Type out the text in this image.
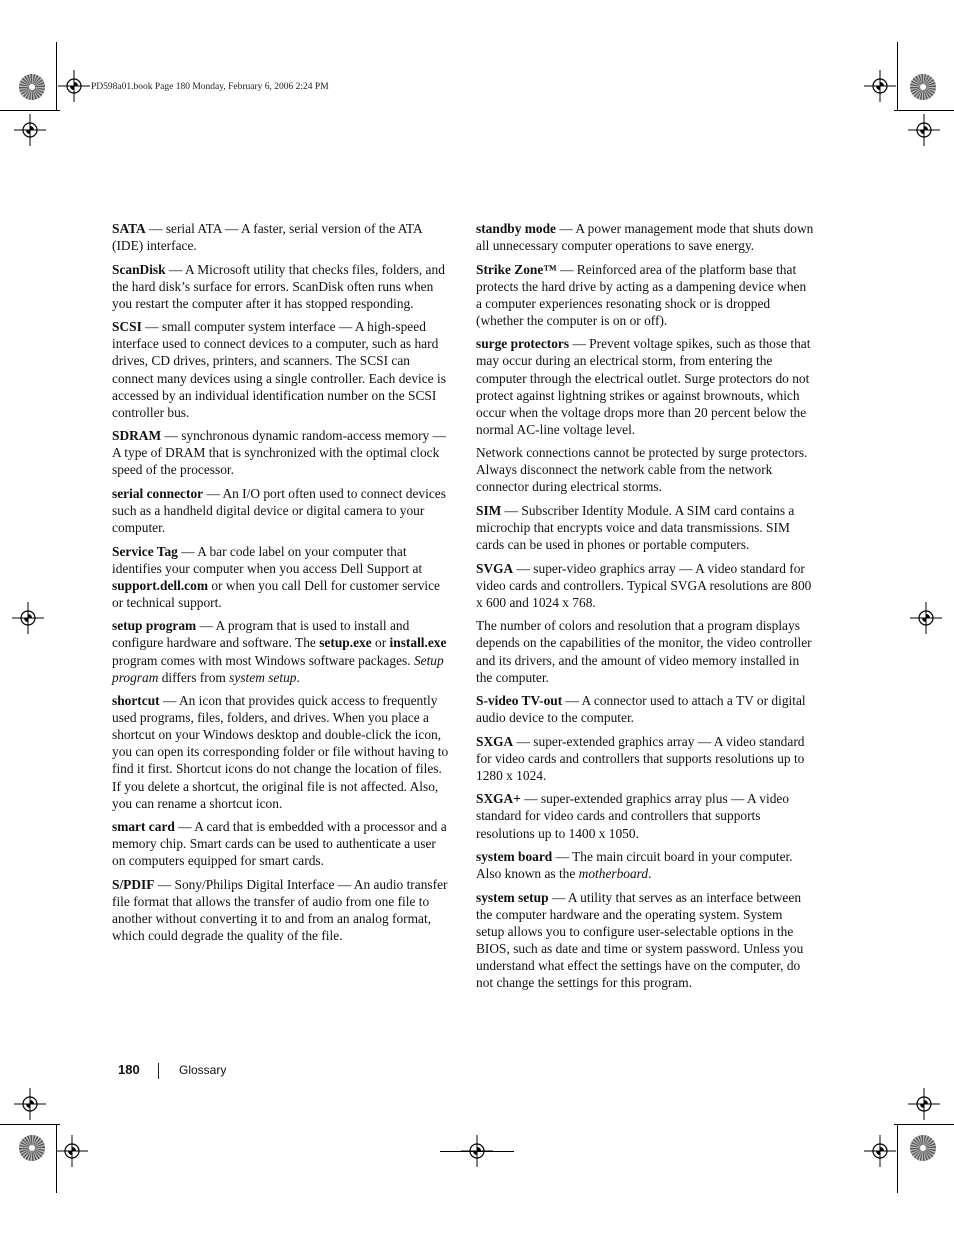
PD598a01.book Page 180 Monday, February 6, 2006 2:24 PM

SATA — serial ATA — A faster, serial version of the ATA (IDE) interface.

ScanDisk — A Microsoft utility that checks files, folders, and the hard disk’s surface for errors. ScanDisk often runs when you restart the computer after it has stopped responding.

SCSI — small computer system interface — A high-speed interface used to connect devices to a computer, such as hard drives, CD drives, printers, and scanners. The SCSI can connect many devices using a single controller. Each device is accessed by an individual identification number on the SCSI controller bus.

SDRAM — synchronous dynamic random-access memory — A type of DRAM that is synchronized with the optimal clock speed of the processor.

serial connector — An I/O port often used to connect devices such as a handheld digital device or digital camera to your computer.

Service Tag — A bar code label on your computer that identifies your computer when you access Dell Support at support.dell.com or when you call Dell for customer service or technical support.

setup program — A program that is used to install and configure hardware and software. The setup.exe or install.exe program comes with most Windows software packages. Setup program differs from system setup.

shortcut — An icon that provides quick access to frequently used programs, files, folders, and drives. When you place a shortcut on your Windows desktop and double-click the icon, you can open its corresponding folder or file without having to find it first. Shortcut icons do not change the location of files. If you delete a shortcut, the original file is not affected. Also, you can rename a shortcut icon.

smart card — A card that is embedded with a processor and a memory chip. Smart cards can be used to authenticate a user on computers equipped for smart cards.

S/PDIF — Sony/Philips Digital Interface — An audio transfer file format that allows the transfer of audio from one file to another without converting it to and from an analog format, which could degrade the quality of the file.

standby mode — A power management mode that shuts down all unnecessary computer operations to save energy.

Strike Zone™ — Reinforced area of the platform base that protects the hard drive by acting as a dampening device when a computer experiences resonating shock or is dropped (whether the computer is on or off).

surge protectors — Prevent voltage spikes, such as those that may occur during an electrical storm, from entering the computer through the electrical outlet. Surge protectors do not protect against lightning strikes or against brownouts, which occur when the voltage drops more than 20 percent below the normal AC-line voltage level.

Network connections cannot be protected by surge protectors. Always disconnect the network cable from the network connector during electrical storms.

SIM — Subscriber Identity Module. A SIM card contains a microchip that encrypts voice and data transmissions. SIM cards can be used in phones or portable computers.

SVGA — super-video graphics array — A video standard for video cards and controllers. Typical SVGA resolutions are 800 x 600 and 1024 x 768.

The number of colors and resolution that a program displays depends on the capabilities of the monitor, the video controller and its drivers, and the amount of video memory installed in the computer.

S-video TV-out — A connector used to attach a TV or digital audio device to the computer.

SXGA — super-extended graphics array — A video standard for video cards and controllers that supports resolutions up to 1280 x 1024.

SXGA+ — super-extended graphics array plus — A video standard for video cards and controllers that supports resolutions up to 1400 x 1050.

system board — The main circuit board in your computer. Also known as the motherboard.

system setup — A utility that serves as an interface between the computer hardware and the operating system. System setup allows you to configure user-selectable options in the BIOS, such as date and time or system password. Unless you understand what effect the settings have on the computer, do not change the settings for this program.

180	Glossary
